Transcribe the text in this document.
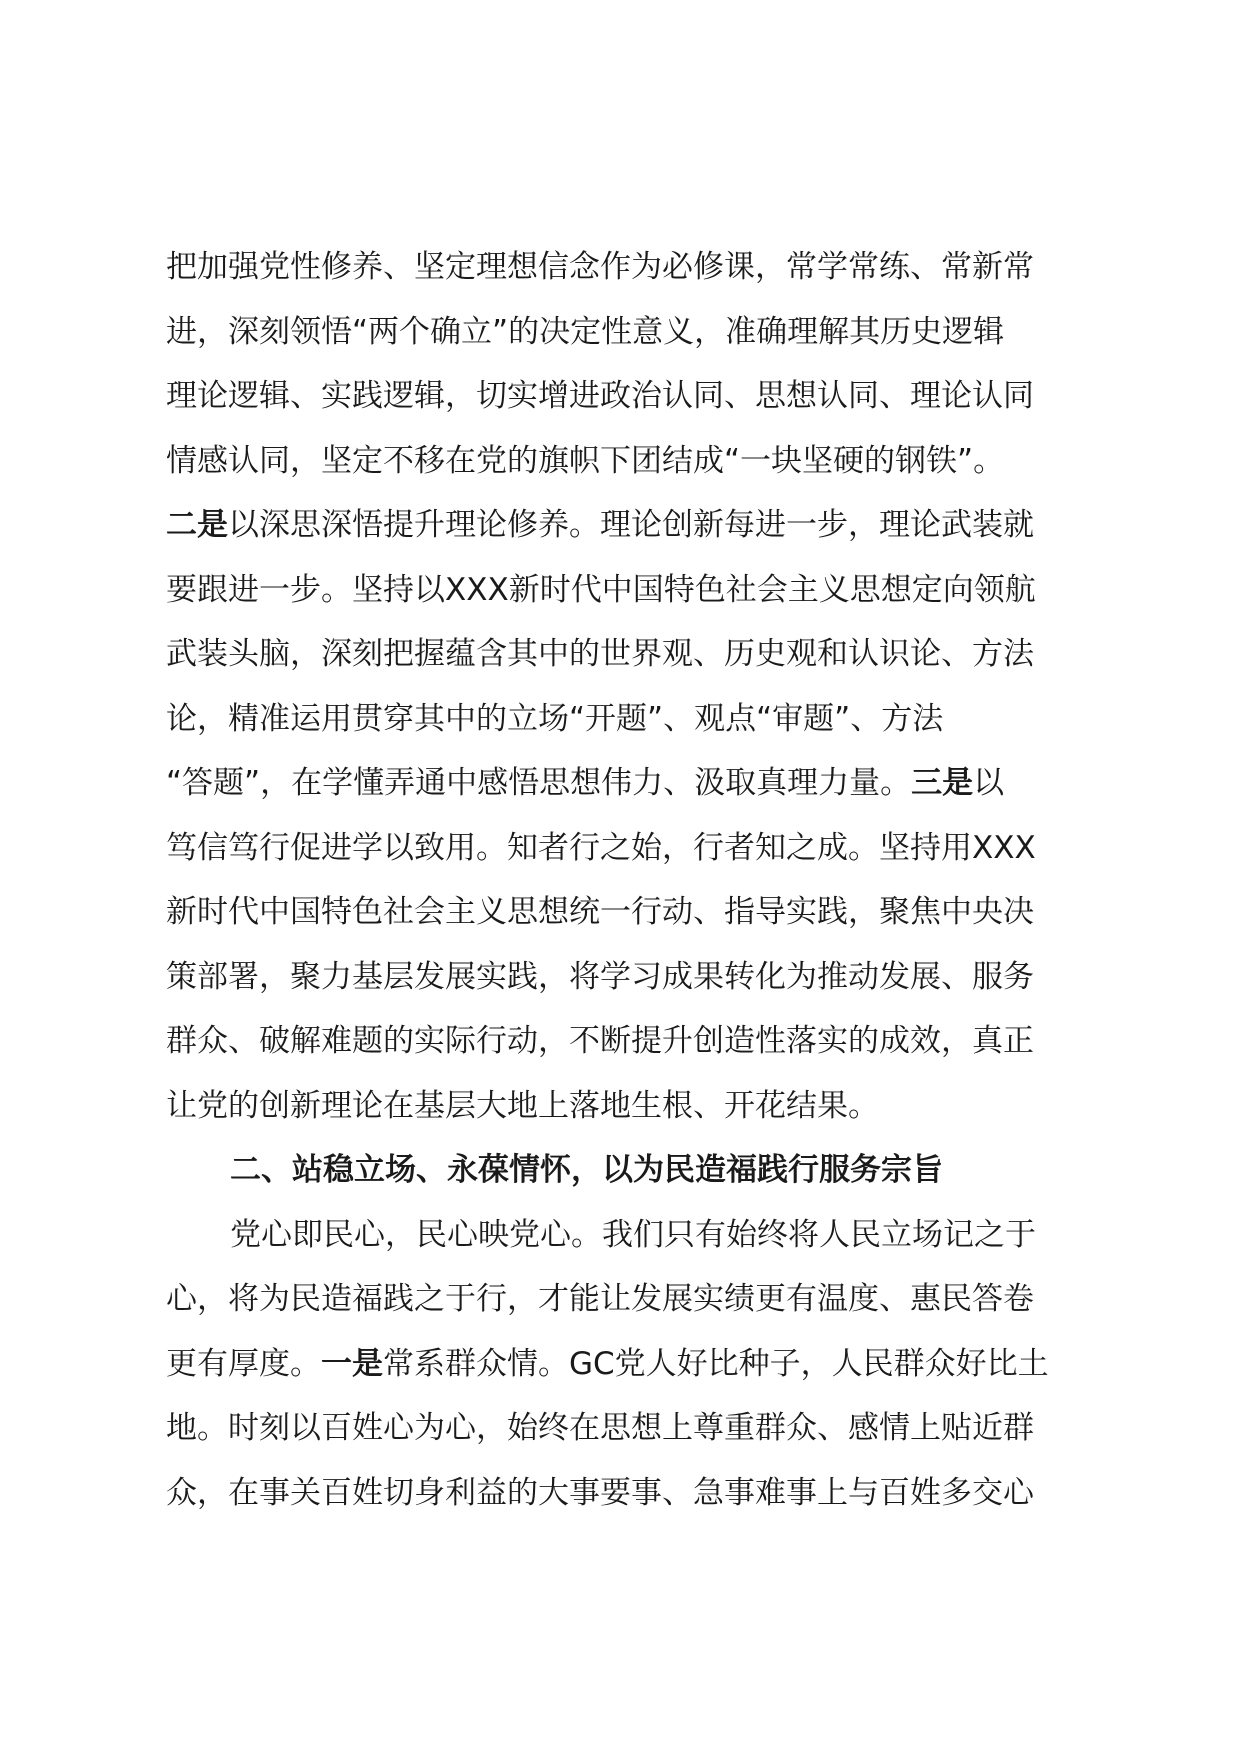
把加强党性修养、坚定理想信念作为必修课，常学常练、常新常
进，深刻领悟“两个确立”的决定性意义，准确理解其历史逻辑
理论逻辑、实践逻辑，切实增进政治认同、思想认同、理论认同
情感认同，坚定不移在党的旗帜下团结成“一块坚硬的钢铁”。
二是以深思深悟提升理论修养。理论创新每进一步，理论武装就
要跟进一步。坚持以XXX新时代中国特色社会主义思想定向领航
武装头脑，深刻把握蕴含其中的世界观、历史观和认识论、方法
论，精准运用贯穿其中的立场“开题”、观点“审题”、方法
“答题”，在学懂弄通中感悟思想伟力、汲取真理力量。三是以
笃信笃行促进学以致用。知者行之始，行者知之成。坚持用XXX
新时代中国特色社会主义思想统一行动、指导实践，聚焦中央决
策部署，聚力基层发展实践，将学习成果转化为推动发展、服务
群众、破解难题的实际行动，不断提升创造性落实的成效，真正
让党的创新理论在基层大地上落地生根、开花结果。
二、站稳立场、永葆情怀，以为民造福践行服务宗旨
党心即民心，民心映党心。我们只有始终将人民立场记之于
心，将为民造福践之于行，才能让发展实绩更有温度、惠民答卷
更有厚度。一是常系群众情。GC党人好比种子，人民群众好比土
地。时刻以百姓心为心，始终在思想上尊重群众、感情上贴近群
众，在事关百姓切身利益的大事要事、急事难事上与百姓多交心
